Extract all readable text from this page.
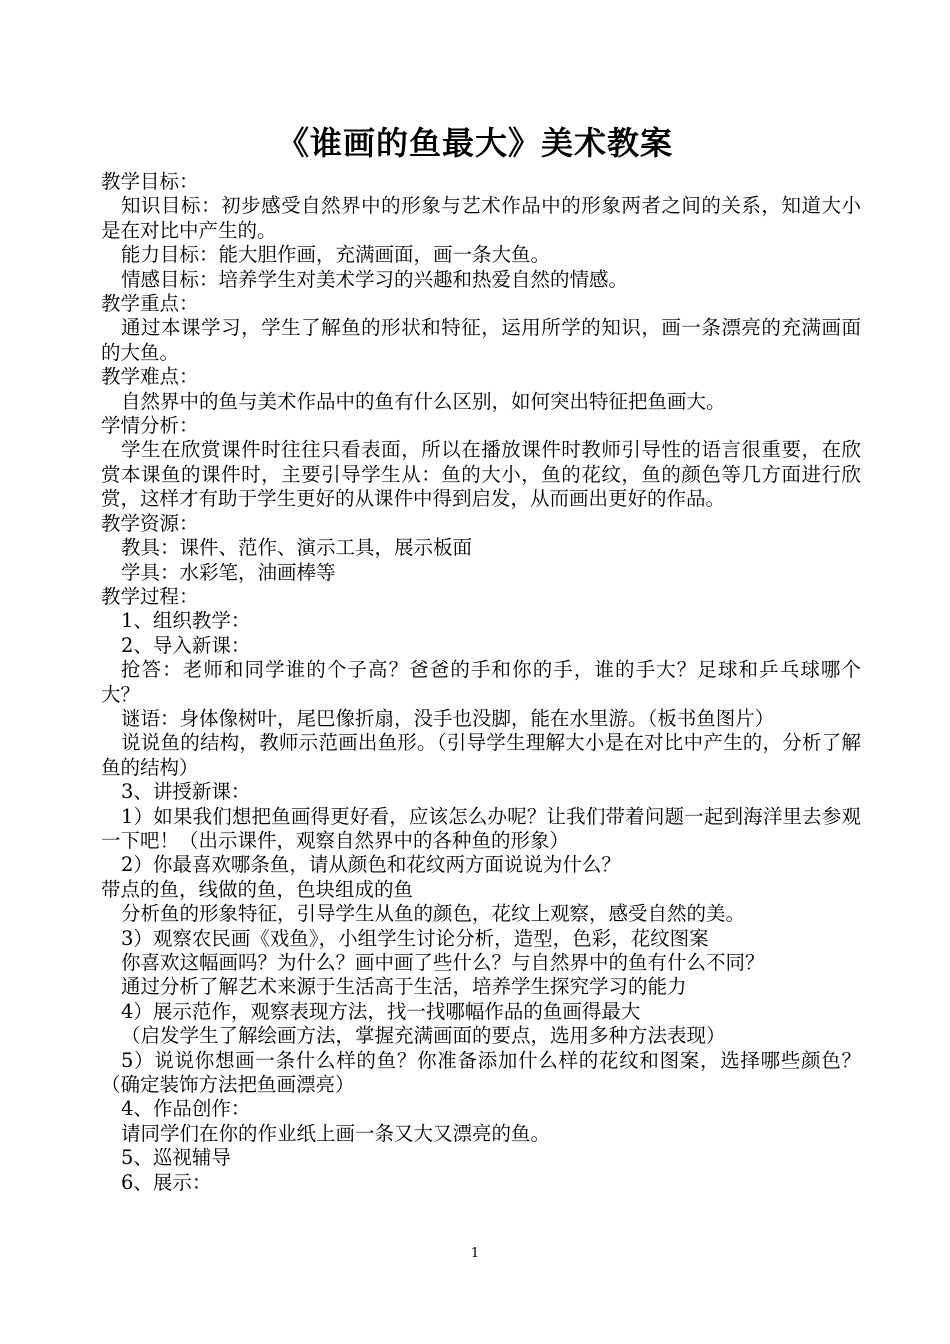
《谁画的鱼最大》美术教案

教学目标：

知识目标：初步感受自然界中的形象与艺术作品中的形象两者之间的关系，知道大小是在对比中产生的。

能力目标：能大胆作画，充满画面，画一条大鱼。

情感目标：培养学生对美术学习的兴趣和热爱自然的情感。

教学重点：

通过本课学习，学生了解鱼的形状和特征，运用所学的知识，画一条漂亮的充满画面的大鱼。

教学难点：

自然界中的鱼与美术作品中的鱼有什么区别，如何突出特征把鱼画大。

学情分析：

学生在欣赏课件时往往只看表面，所以在播放课件时教师引导性的语言很重要，在欣赏本课鱼的课件时，主要引导学生从：鱼的大小，鱼的花纹，鱼的颜色等几方面进行欣赏，这样才有助于学生更好的从课件中得到启发，从而画出更好的作品。

教学资源：

教具：课件、范作、演示工具，展示板面

学具：水彩笔，油画棒等

教学过程：

1、组织教学：

2、导入新课：

抢答：老师和同学谁的个子高？爸爸的手和你的手，谁的手大？足球和乒乓球哪个大？

谜语：身体像树叶，尾巴像折扇，没手也没脚，能在水里游。（板书鱼图片）

说说鱼的结构，教师示范画出鱼形。（引导学生理解大小是在对比中产生的，分析了解鱼的结构）

3、讲授新课：

1）如果我们想把鱼画得更好看，应该怎么办呢？让我们带着问题一起到海洋里去参观一下吧！（出示课件，观察自然界中的各种鱼的形象）

2）你最喜欢哪条鱼，请从颜色和花纹两方面说说为什么？

带点的鱼，线做的鱼，色块组成的鱼

分析鱼的形象特征，引导学生从鱼的颜色，花纹上观察，感受自然的美。

3）观察农民画《戏鱼》，小组学生讨论分析，造型，色彩，花纹图案

你喜欢这幅画吗？为什么？画中画了些什么？与自然界中的鱼有什么不同？

通过分析了解艺术来源于生活高于生活，培养学生探究学习的能力

4）展示范作，观察表现方法，找一找哪幅作品的鱼画得最大

（启发学生了解绘画方法，掌握充满画面的要点，选用多种方法表现）

5）说说你想画一条什么样的鱼？你准备添加什么样的花纹和图案，选择哪些颜色？（确定装饰方法把鱼画漂亮）

4、作品创作：

请同学们在你的作业纸上画一条又大又漂亮的鱼。

5、巡视辅导

6、展示：

1
